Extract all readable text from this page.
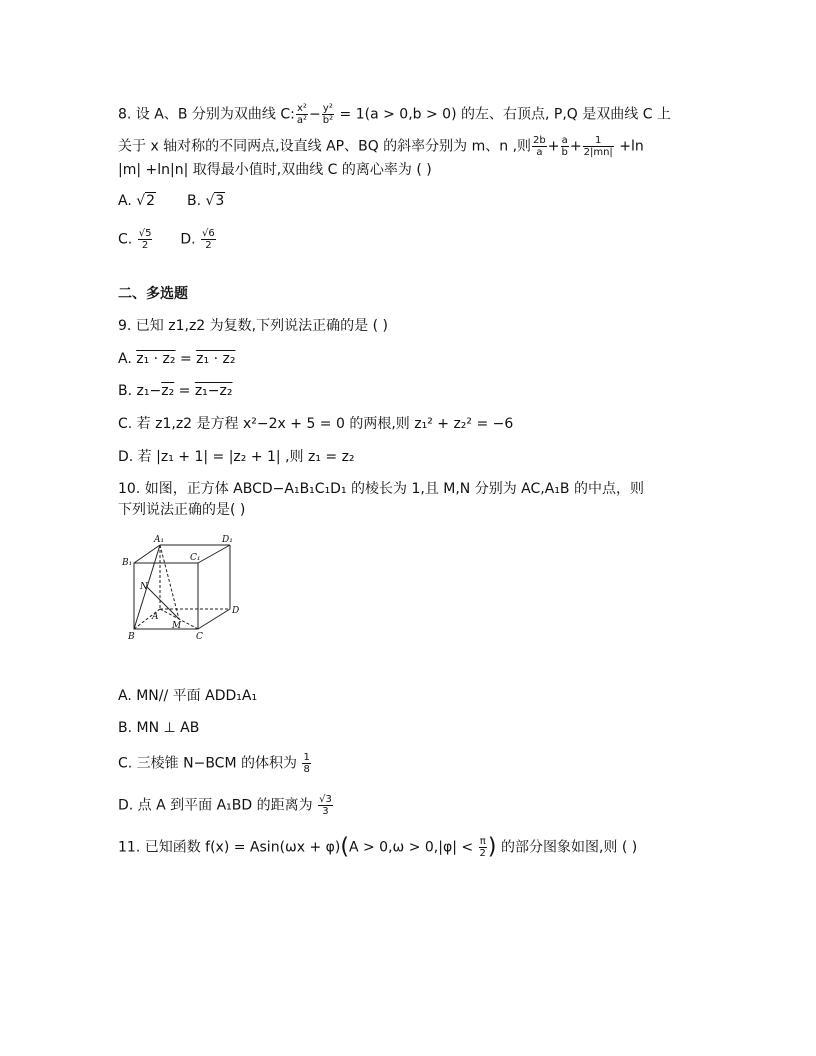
8. 设 A、B 分别为双曲线 C: $\frac{\text{x²}}{\text{a²}} - \frac{\text{y²}}{\text{b²}} = 1(a > 0,b > 0)$ 的左、右顶点, P,Q 是双曲线 C 上
关于 x 轴对称的不同两点,设直线 AP、BQ 的斜率分别为 m、n ,则 $\frac{2b}{a} + \frac{a}{b} + \frac{1}{2|mn|} +\ln$
|m| +ln|n| 取得最小值时,双曲线 C 的离心率为 ( )
A. √2 B. √3
C. $\frac{√5}{2} D$. $\frac{√6}{2}$
二、多选题
9. 已知 z1,z2 为复数,下列说法正确的是 ( )
A. z₁ · z₂ = z₁ · z₂
B. z₁−z₂ = z₁−z₂
C. 若 z1,z2 是方程 x²−2x + 5 = 0 的两根,则 z₁² + z₂² = −6
D. 若 |z₁ + 1| = |z₂ + 1| ,则 z₁ = z₂
10. 如图，正方体 ABCD−A₁B₁C₁D₁ 的棱长为 1,且 M,N 分别为 AC,A₁B 的中点，则
下列说法正确的是( )
A₁	D₁
B₁	C₁
N
A
D
M
B	C
A. MN// 平面 ADD₁A₁
B. MN ⊥ AB
C. 三棱锥 N−BCM 的体积为 $\frac{1}{8}$
D. 点 A 到平面 A₁BD 的距离为 $\frac{√3}{3}$
11. 已知函数 $f(x) = Asin(\omega x + \varphi)(A > 0,\omega > 0,|\varphi| < \frac{\pi}{2}$ ) 的部分图象如图,则 ( )
